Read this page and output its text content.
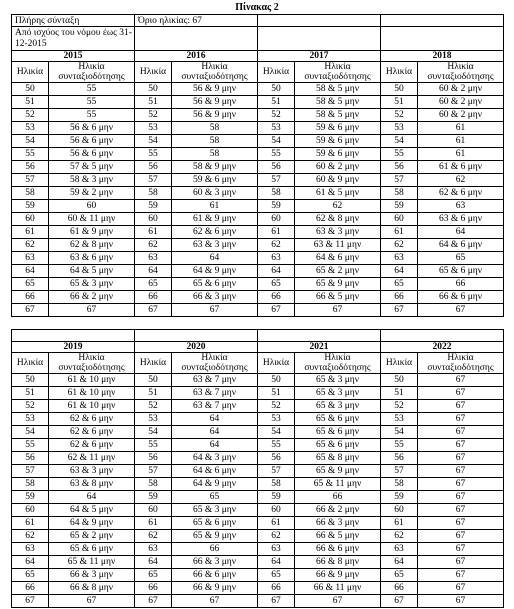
Πίνακας 2
Πλήρης σύνταξη		Όριο ηλικίας: 67					
Από ισχύος του νόμου έως 31-12-2015							
2015		2016		2017		2018	
Ηλικία	Ηλικία συνταξιοδότησης	Ηλικία	Ηλικία συνταξιοδότησης	Ηλικία	Ηλικία συνταξιοδότησης	Ηλικία	Ηλικία συνταξιοδότησης
50	55	50	56 & 9 μην	50	58 & 5 μην	50	60 & 2 μην
51	55	51	56 & 9 μην	51	58 & 5 μην	51	60 & 2 μην
52	55	52	56 & 9 μην	52	58 & 5 μην	52	60 & 2 μην
53	56 & 6 μην	53	58	53	59 & 6 μην	53	61
54	56 & 6 μην	54	58	54	59 & 6 μην	54	61
55	56 & 6 μην	55	58	55	59 & 6 μην	55	61
56	57 & 5 μην	56	58 & 9 μην	56	60 & 2 μην	56	61 & 6 μην
57	58 & 3 μην	57	59 & 6 μην	57	60 & 9 μην	57	62
58	59 & 2 μην	58	60 & 3 μην	58	61 & 5 μην	58	62 & 6 μην
59	60	59	61	59	62	59	63
60	60 & 11 μην	60	61 & 9 μην	60	62 & 8 μην	60	63 & 6 μην
61	61 & 9 μην	61	62 & 6 μην	61	63 & 3 μην	61	64
62	62 & 8 μην	62	63 & 3 μην	62	63 & 11 μην	62	64 & 6 μην
63	63 & 6 μην	63	64	63	64 & 6 μην	63	65
64	64 & 5 μην	64	64 & 9 μην	64	65 & 2 μην	64	65 & 6 μην
65	65 & 3 μην	65	65 & 6 μην	65	65 & 9 μην	65	66
66	66 & 2 μην	66	66 & 3 μην	66	66 & 5 μην	66	66 & 6 μην
67	67	67	67	67	67	67	67

2019		2020		2021		2022	
Ηλικία	Ηλικία συνταξιοδότησης	Ηλικία	Ηλικία συνταξιοδότησης	Ηλικία	Ηλικία συνταξιοδότησης	Ηλικία	Ηλικία συνταξιοδότησης
50	61 & 10 μην	50	63 & 7 μην	50	65 & 3 μην	50	67
51	61 & 10 μην	51	63 & 7 μην	51	65 & 3 μην	51	67
52	61 & 10 μην	52	63 & 7 μην	52	65 & 3 μην	52	67
53	62 & 6 μην	53	64	53	65 & 6 μην	53	67
54	62 & 6 μην	54	64	54	65 & 6 μην	54	67
55	62 & 6 μην	55	64	55	65 & 6 μην	55	67
56	62 & 11 μην	56	64 & 3 μην	56	65 & 8 μην	56	67
57	63 & 3 μην	57	64 & 6 μην	57	65 & 9 μην	57	67
58	63 & 8 μην	58	64 & 9 μην	58	65 & 11 μην	58	67
59	64	59	65	59	66	59	67
60	64 & 5 μην	60	65 & 3 μην	60	66 & 2 μην	60	67
61	64 & 9 μην	61	65 & 6 μην	61	66 & 3 μην	61	67
62	65 & 2 μην	62	65 & 9 μην	62	66 & 5 μην	62	67
63	65 & 6 μην	63	66	63	66 & 6 μην	63	67
64	65 & 11 μην	64	66 & 3 μην	64	66 & 8 μην	64	67
65	66 & 3 μην	65	66 & 6 μην	65	66 & 9 μην	65	67
66	66 & 8 μην	66	66 & 9 μην	66	66 & 11 μην	66	67
67	67	67	67	67	67	67	67
